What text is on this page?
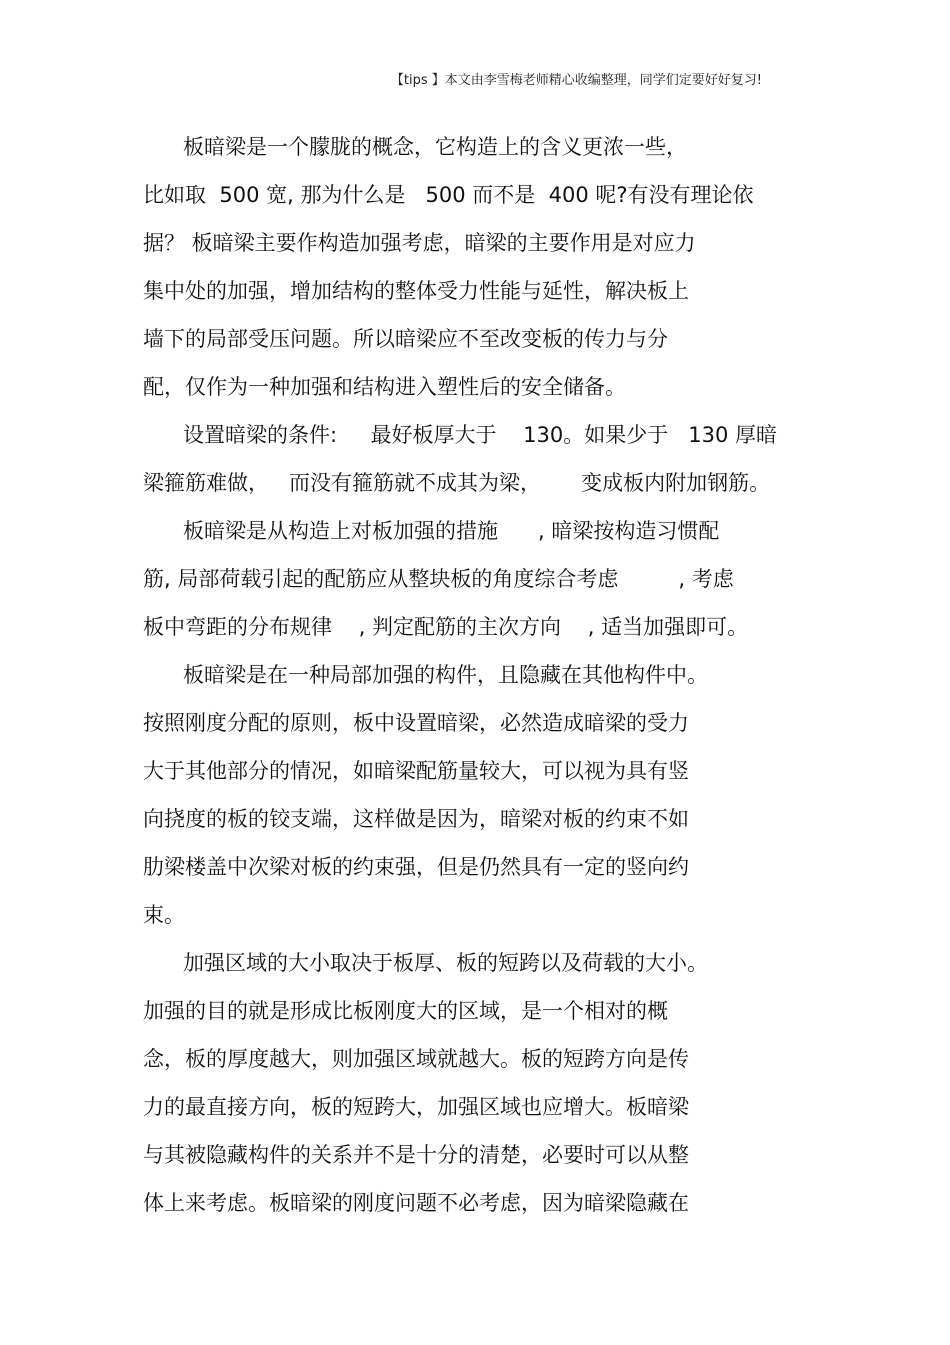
【tips 】本文由李雪梅老师精心收编整理，同学们定要好好复习!
板暗梁是一个朦胧的概念，它构造上的含义更浓一些，
比如取  500 宽, 那为什么是   500 而不是  400 呢?有没有理论依
据？ 板暗梁主要作构造加强考虑，暗梁的主要作用是对应力
集中处的加强，增加结构的整体受力性能与延性，解决板上
墙下的局部受压问题。所以暗梁应不至改变板的传力与分
配，仅作为一种加强和结构进入塑性后的安全储备。
设置暗梁的条件:     最好板厚大于    130。如果少于   130 厚暗
梁箍筋难做，   而没有箍筋就不成其为梁，      变成板内附加钢筋。
板暗梁是从构造上对板加强的措施      , 暗梁按构造习惯配
筋, 局部荷载引起的配筋应从整块板的角度综合考虑         , 考虑
板中弯距的分布规律    , 判定配筋的主次方向    , 适当加强即可。
板暗梁是在一种局部加强的构件，且隐藏在其他构件中。
按照刚度分配的原则，板中设置暗梁，必然造成暗梁的受力
大于其他部分的情况，如暗梁配筋量较大，可以视为具有竖
向挠度的板的铰支端，这样做是因为，暗梁对板的约束不如
肋梁楼盖中次梁对板的约束强，但是仍然具有一定的竖向约
束。
加强区域的大小取决于板厚、板的短跨以及荷载的大小。
加强的目的就是形成比板刚度大的区域，是一个相对的概
念，板的厚度越大，则加强区域就越大。板的短跨方向是传
力的最直接方向，板的短跨大，加强区域也应增大。板暗梁
与其被隐藏构件的关系并不是十分的清楚，必要时可以从整
体上来考虑。板暗梁的刚度问题不必考虑，因为暗梁隐藏在
